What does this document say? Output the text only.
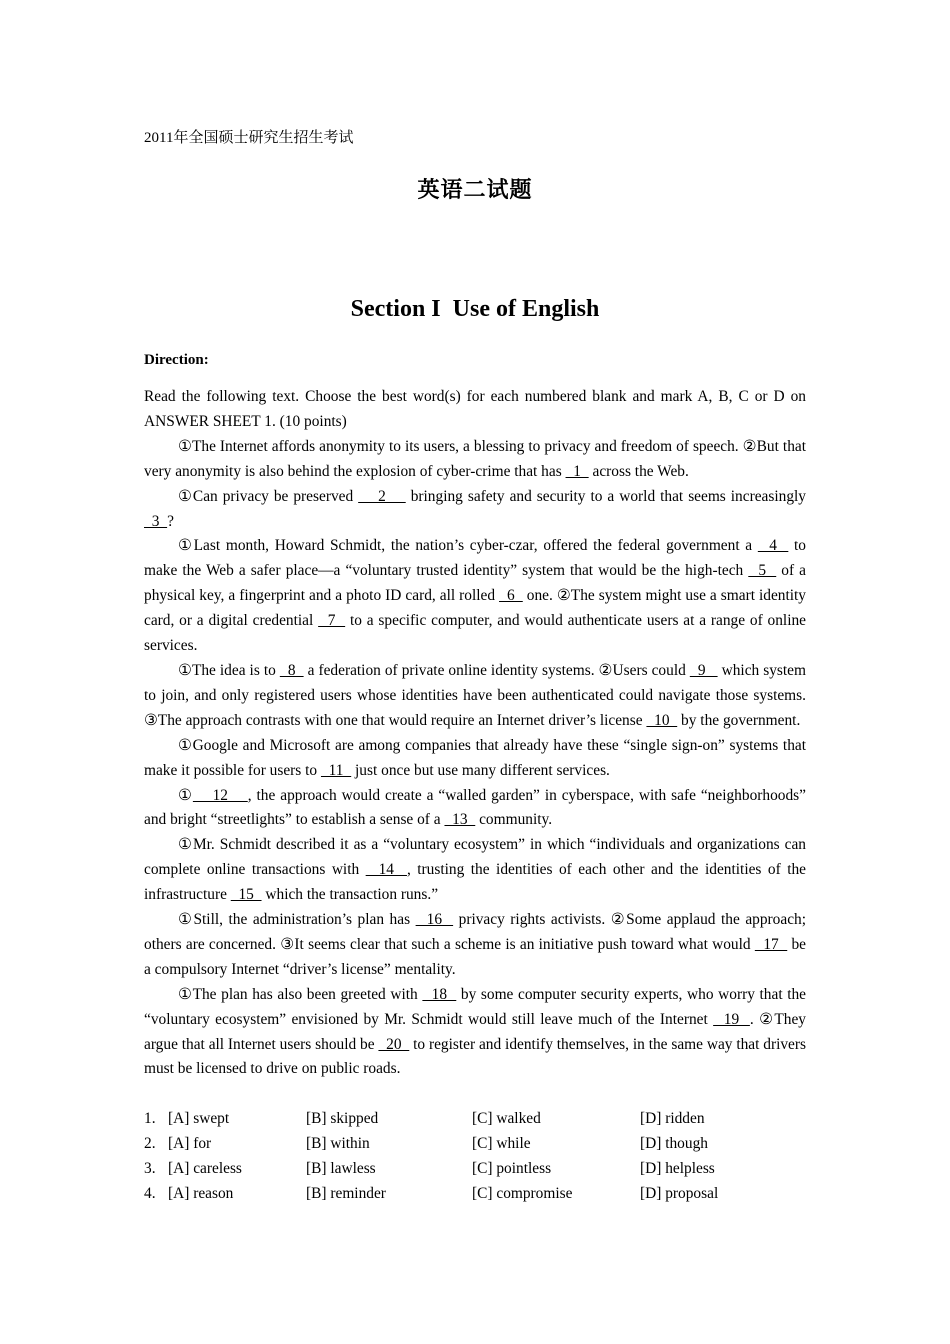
2011年全国硕士研究生招生考试
英语二试题
Section I  Use of English
Direction:

Read the following text. Choose the best word(s) for each numbered blank and mark A, B, C or D on ANSWER SHEET 1. (10 points)

①The Internet affords anonymity to its users, a blessing to privacy and freedom of speech. ②But that very anonymity is also behind the explosion of cyber-crime that has   1   across the Web.

①Can privacy be preserved     2     bringing safety and security to a world that seems increasingly   3  ?

①Last month, Howard Schmidt, the nation’s cyber-czar, offered the federal government a   4   to make the Web a safer place—a “voluntary trusted identity” system that would be the high-tech   5   of a physical key, a fingerprint and a photo ID card, all rolled   6   one. ②The system might use a smart identity card, or a digital credential   7   to a specific computer, and would authenticate users at a range of online services.

①The idea is to   8   a federation of private online identity systems. ②Users could   9    which system to join, and only registered users whose identities have been authenticated could navigate those systems. ③The approach contrasts with one that would require an Internet driver’s license   10   by the government.

①Google and Microsoft are among companies that already have these “single sign-on” systems that make it possible for users to   11   just once but use many different services.

①    12    , the approach would create a “walled garden” in cyberspace, with safe “neighborhoods” and bright “streetlights” to establish a sense of a   13   community.

①Mr. Schmidt described it as a “voluntary ecosystem” in which “individuals and organizations can complete online transactions with   14  , trusting the identities of each other and the identities of the infrastructure   15   which the transaction runs.”

①Still, the administration’s plan has   16   privacy rights activists. ②Some applaud the approach; others are concerned. ③It seems clear that such a scheme is an initiative push toward what would   17   be a compulsory Internet “driver’s license” mentality.

①The plan has also been greeted with   18   by some computer security experts, who worry that the “voluntary ecosystem” envisioned by Mr. Schmidt would still leave much of the Internet   19  . ②They argue that all Internet users should be   20   to register and identify themselves, in the same way that drivers must be licensed to drive on public roads.

1. [A] swept	[B] skipped	[C] walked	[D] ridden
2. [A] for	[B] within	[C] while	[D] though
3. [A] careless	[B] lawless	[C] pointless	[D] helpless
4. [A] reason	[B] reminder	[C] compromise	[D] proposal
